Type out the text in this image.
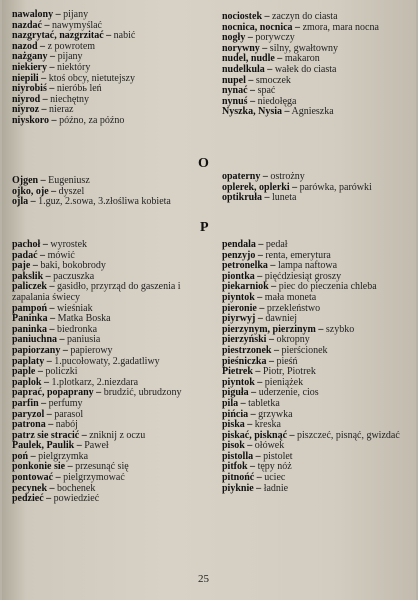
nawalony – pijany

nazdać – nawymyślać

nazgrytać, nazgrzitać – nabić

nazod – z powrotem

nażgany – pijany

niekiery – niektóry

niepili – ktoś obcy, nietutejszy

niyrobiś – nieróbь leń

niyrod – niechętny

niyroz – nieraz

niyskoro – późno, za późno

nociostek – zaczyn do ciasta

nocnica, nocnicа – zmora, mara nocna

nogły – porywczy

norywny – silny, gwałtowny

nudel, nudle – makaron

nudelkula – wałek do ciasta

nupel – smoczek

nynać – spać

nynuś – niedołęga

Nyszka, Nysia – Agnieszka

O

Ojgen – Eugeniusz

ojko, oje – dyszel

ojla – 1.guz, 2.sowa, 3.złośliwa kobieta

opaterny – ostrożny

oplerek, oplerki – parówka, parówki

optikruła – luneta

P

pachoł – wyrostek

padać – mówić

paje – baki, bokobrody

pakslik – paczuszka

paliczek – gasidło, przyrząd do gaszenia i zapalania świecy

pampoń – wieśniak

Paninka – Matka Boska

paninka – biedronka

paniuchna – paniusia

papiorzany – papierowy

paplaty – 1.pucołowaty, 2.gadatliwy

paple – policzki

paplok – 1.plotkarz, 2.niezdara

paprać, popaprany – brudzić, ubrudzony

parfin – perfumy

paryzol – parasol

patrona – nabój

patrz sie stracić – zniknij z oczu

Paulek, Paulik – Paweł

poń – pielgrzymka

ponkonie sie – przesunąć się

pontować – pielgrzymować

pecynek – bochenek

pedzieć – powiedzieć

pendala – pedał

penzyjo – renta, emerytura

petronelka – lampa naftowa

piontka – pięćdziesiąt groszy

piekarniok – piec do pieczenia chleba

piyntok – mała moneta

pieronie – przekleństwo

piyrwyj – dawniej

pierzynym, pierzinym – szybko

pierzyński – okropny

piestrzonek – pierścionek

pieśniczka – pieśń

Pietrek – Piotr, Piotrek

piyntok – pieniążek

piguła – uderzenie, cios

pila – tabletka

pińcia – grzywka

piska – kreska

piskać, pisknąć – piszczeć, pisnąć, gwizdać

pisok – ołówek

pistolla – pistolet

pitfok – tępy nóż

pitnońć – uciec

piyknie – ładnie

25
